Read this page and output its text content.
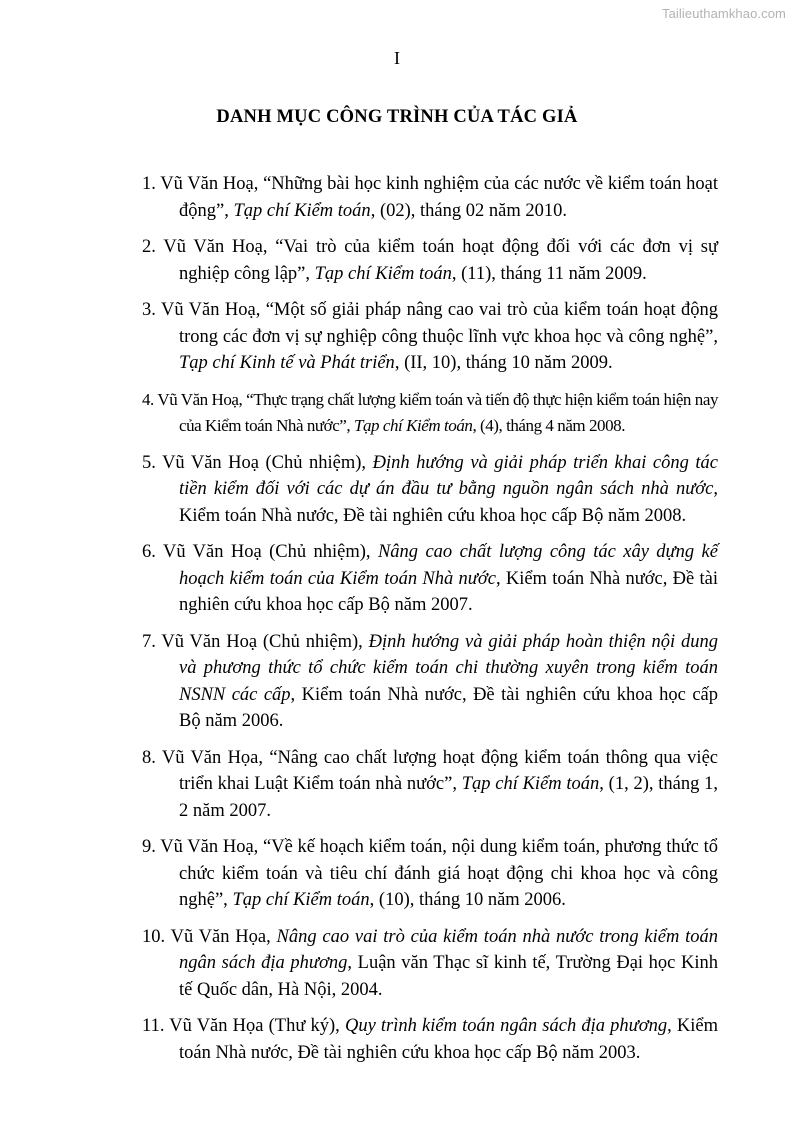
Tailieuthamkhao.com
I
DANH MỤC CÔNG TRÌNH CỦA TÁC GIẢ
1. Vũ Văn Hoạ, “Những bài học kinh nghiệm của các nước về kiểm toán hoạt động”, Tạp chí Kiểm toán, (02), tháng 02 năm 2010.
2. Vũ Văn Hoạ, “Vai trò của kiểm toán hoạt động đối với các đơn vị sự nghiệp công lập”, Tạp chí Kiểm toán, (11), tháng 11 năm 2009.
3. Vũ Văn Hoạ, “Một số giải pháp nâng cao vai trò của kiểm toán hoạt động trong các đơn vị sự nghiệp công thuộc lĩnh vực khoa học và công nghệ”, Tạp chí Kinh tế và Phát triển, (II, 10), tháng 10 năm 2009.
4. Vũ Văn Hoạ, “Thực trạng chất lượng kiểm toán và tiến độ thực hiện kiểm toán hiện nay của Kiểm toán Nhà nước”, Tạp chí Kiểm toán, (4), tháng 4 năm 2008.
5. Vũ Văn Hoạ (Chủ nhiệm), Định hướng và giải pháp triển khai công tác tiền kiểm đối với các dự án đầu tư bằng nguồn ngân sách nhà nước, Kiểm toán Nhà nước, Đề tài nghiên cứu khoa học cấp Bộ năm 2008.
6. Vũ Văn Hoạ (Chủ nhiệm), Nâng cao chất lượng công tác xây dựng kế hoạch kiểm toán của Kiểm toán Nhà nước, Kiểm toán Nhà nước, Đề tài nghiên cứu khoa học cấp Bộ năm 2007.
7. Vũ Văn Hoạ (Chủ nhiệm), Định hướng và giải pháp hoàn thiện nội dung và phương thức tổ chức kiểm toán chi thường xuyên trong kiểm toán NSNN các cấp, Kiểm toán Nhà nước, Đề tài nghiên cứu khoa học cấp Bộ năm 2006.
8. Vũ Văn Họa, “Nâng cao chất lượng hoạt động kiểm toán thông qua việc triển khai Luật Kiểm toán nhà nước”, Tạp chí Kiểm toán, (1, 2), tháng 1, 2 năm 2007.
9. Vũ Văn Hoạ, “Về kế hoạch kiểm toán, nội dung kiểm toán, phương thức tổ chức kiểm toán và tiêu chí đánh giá hoạt động chi khoa học và công nghệ”, Tạp chí Kiểm toán, (10), tháng 10 năm 2006.
10. Vũ Văn Họa, Nâng cao vai trò của kiểm toán nhà nước trong kiểm toán ngân sách địa phương, Luận văn Thạc sĩ kinh tế, Trường Đại học Kinh tế Quốc dân, Hà Nội, 2004.
11. Vũ Văn Họa (Thư ký), Quy trình kiểm toán ngân sách địa phương, Kiểm toán Nhà nước, Đề tài nghiên cứu khoa học cấp Bộ năm 2003.
